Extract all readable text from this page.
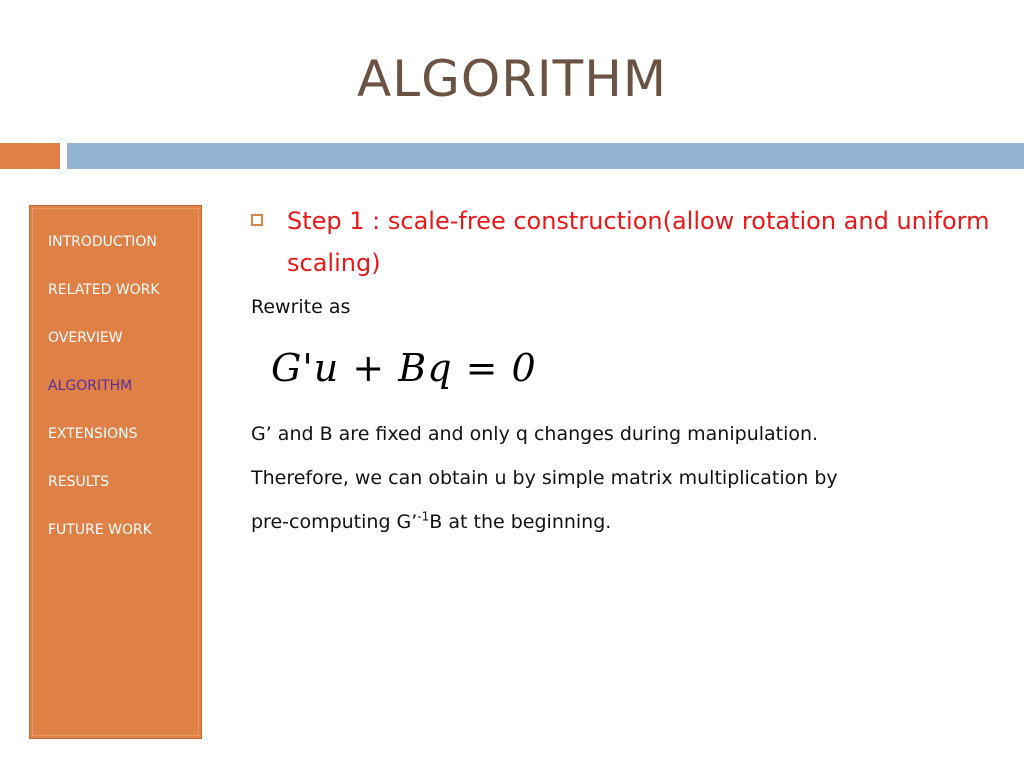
ALGORITHM
INTRODUCTION
RELATED WORK
OVERVIEW
ALGORITHM
EXTENSIONS
RESULTS
FUTURE WORK
Step 1 : scale-free construction(allow rotation and uniform scaling)
Rewrite as
G'u + Bq = 0
G’ and B are fixed and only q changes during manipulation.
Therefore, we can obtain u by simple matrix multiplication by
pre-computing G’$^{-1}$B at the beginning.
